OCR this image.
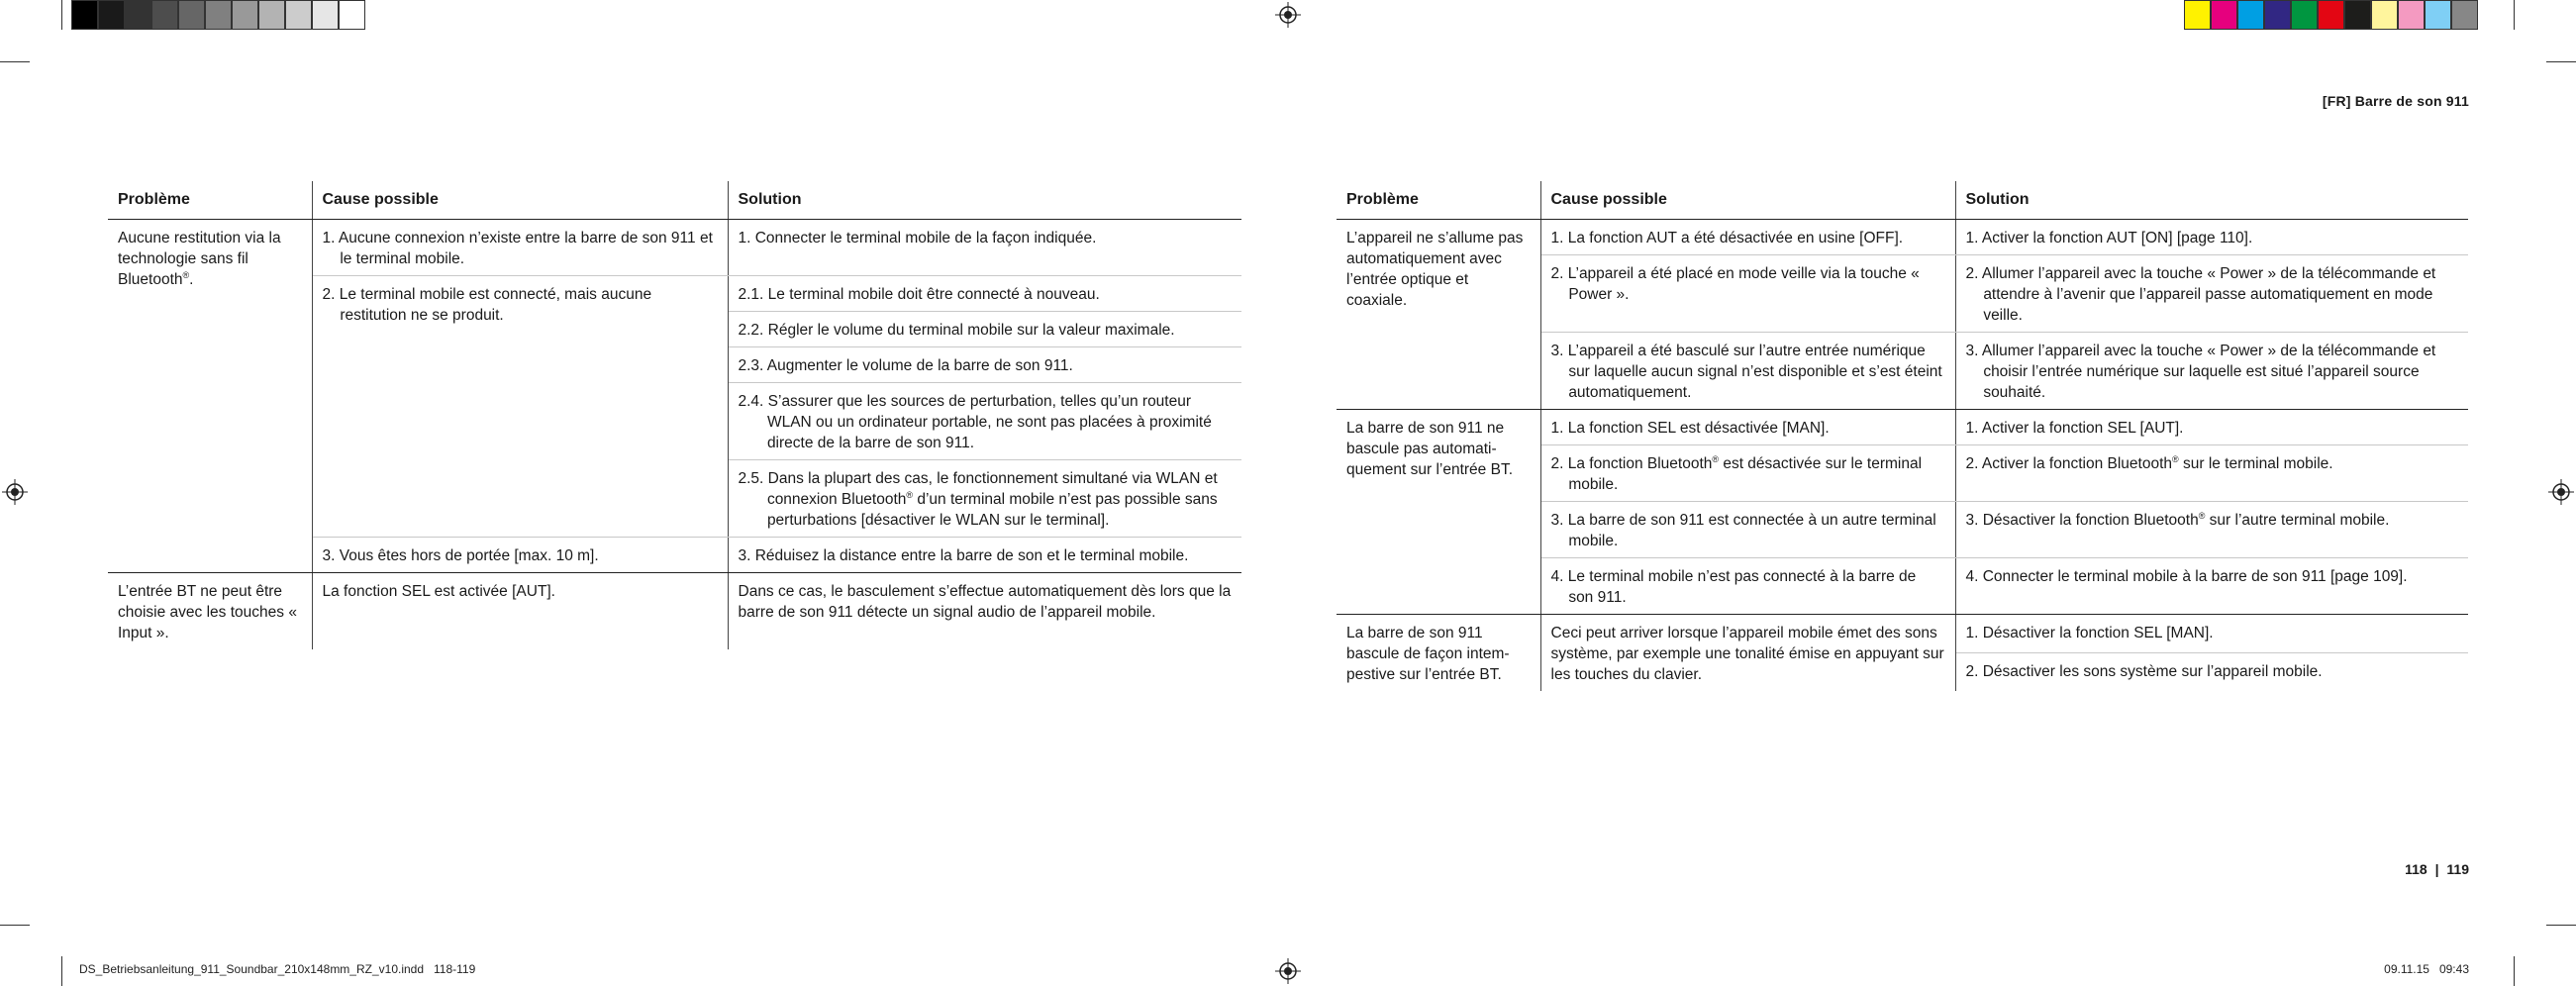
[FR] Barre de son 911
Problème	Cause possible	Solution
Aucune restitution via la technologie sans fil Bluetooth®.	1. Aucune connexion n’existe entre la barre de son 911 et le terminal mobile.	1. Connecter le terminal mobile de la façon indiquée.

	2. Le terminal mobile est connecté, mais aucune restitution ne se produit.	2.1. Le terminal mobile doit être connecté à nouveau.

		2.2. Régler le volume du terminal mobile sur la valeur maximale.

		2.3. Augmenter le volume de la barre de son 911.

		2.4. S’assurer que les sources de perturbation, telles qu’un routeur WLAN ou un ordinateur portable, ne sont pas placées à proximité directe de la barre de son 911.

		2.5. Dans la plupart des cas, le fonctionnement simultané via WLAN et connexion Bluetooth® d’un terminal mobile n’est pas possible sans perturbations [désactiver le WLAN sur le terminal].

	3. Vous êtes hors de portée [max. 10 m].	3. Réduisez la distance entre la barre de son et le terminal mobile.

L’entrée BT ne peut être choisie avec les touches « Input ».	La fonction SEL est activée [AUT].	Dans ce cas, le basculement s’effectue automatiquement dès lors que la barre de son 911 détecte un signal audio de l’appareil mobile.
Problème	Cause possible	Solution
L’appareil ne s’allume pas automatiquement avec l’entrée optique et coaxiale.	1. La fonction AUT a été désactivée en usine [OFF].	1. Activer la fonction AUT [ON] [page 110].

	2. L’appareil a été placé en mode veille via la touche « Power ».	2. Allumer l’appareil avec la touche « Power » de la télécommande et attendre à l’avenir que l’appareil passe automatiquement en mode veille.

	3. L’appareil a été basculé sur l’autre entrée numérique sur laquelle aucun signal n’est disponible et s’est éteint automatiquement.	3. Allumer l’appareil avec la touche « Power » de la télécommande et choisir l’entrée numérique sur laquelle est situé l’appareil source souhaité.

La barre de son 911 ne bascule pas automati- quement sur l’entrée BT.	1. La fonction SEL est désactivée [MAN].	1. Activer la fonction SEL [AUT].

	2. La fonction Bluetooth® est désactivée sur le terminal mobile.	2. Activer la fonction Bluetooth® sur le terminal mobile.

	3. La barre de son 911 est connectée à un autre terminal mobile.	3. Désactiver la fonction Bluetooth® sur l’autre terminal mobile.

	4. Le terminal mobile n’est pas connecté à la barre de son 911.	4. Connecter le terminal mobile à la barre de son 911 [page 109].

La barre de son 911 bascule de façon intem- pestive sur l’entrée BT.	Ceci peut arriver lorsque l’appareil mobile émet des sons système, par exemple une tonalité émise en appuyant sur les touches du clavier.	1. Désactiver la fonction SEL [MAN].

		2. Désactiver les sons système sur l’appareil mobile.
118 | 119
DS_Betriebsanleitung_911_Soundbar_210x148mm_RZ_v10.indd   118-119	09.11.15   09:43
